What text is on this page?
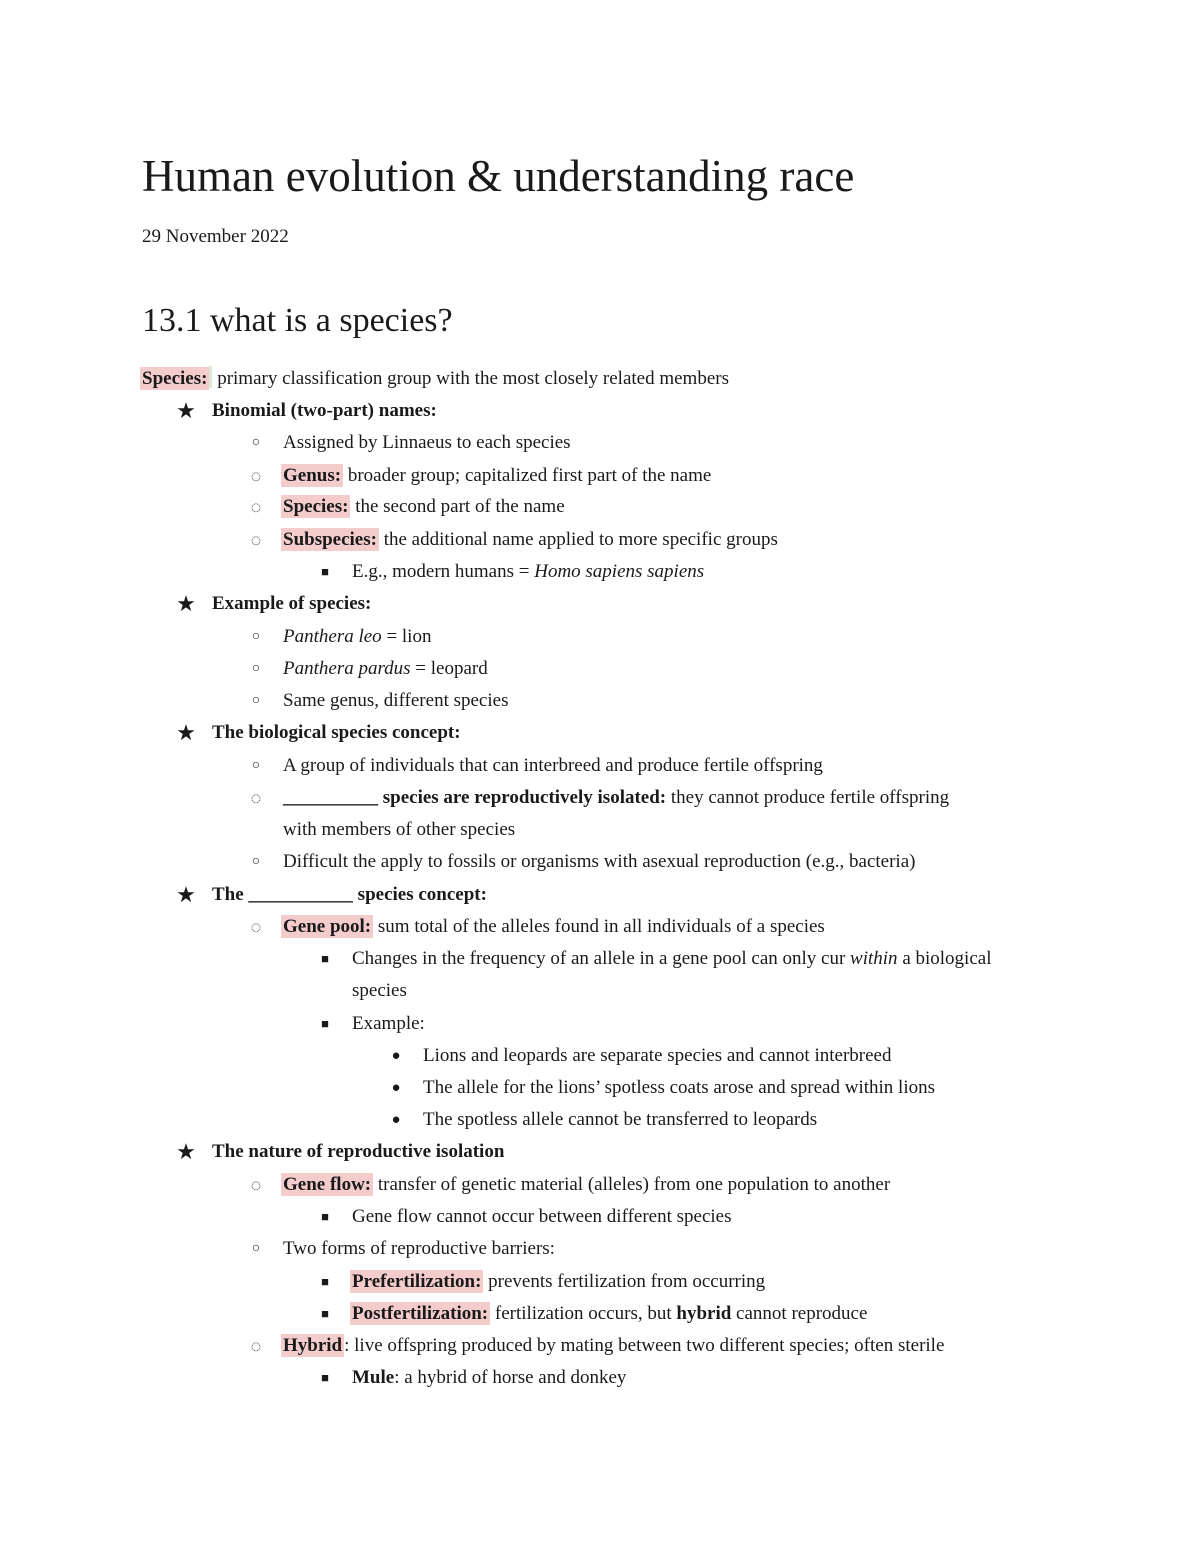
Human evolution & understanding race
29 November 2022
13.1 what is a species?
Species: primary classification group with the most closely related members
★ Binomial (two-part) names:
○	Assigned by Linnaeus to each species
◌ Genus: broader group; capitalized first part of the name
◌ Species: the second part of the name
◌ Subspecies: the additional name applied to more specific groups
■	E.g., modern humans = Homo sapiens sapiens
★ Example of species:
○	Panthera leo = lion
○	Panthera pardus = leopard
○	Same genus, different species
★ The biological species concept:
○	A group of individuals that can interbreed and produce fertile offspring
◌ __________ species are reproductively isolated: they cannot produce fertile offspring
with members of other species
○	Difficult the apply to fossils or organisms with asexual reproduction (e.g., bacteria)
★ The ___________ species concept:
◌ Gene pool: sum total of the alleles found in all individuals of a species
■	Changes in the frequency of an allele in a gene pool can only cur within a biological
species
■	Example:
● Lions and leopards are separate species and cannot interbreed
● The allele for the lions’ spotless coats arose and spread within lions
● The spotless allele cannot be transferred to leopards
★ The nature of reproductive isolation
◌ Gene flow: transfer of genetic material (alleles) from one population to another
■	Gene flow cannot occur between different species
○	Two forms of reproductive barriers:
■	Prefertilization: prevents fertilization from occurring
■	Postfertilization: fertilization occurs, but hybrid cannot reproduce
◌ Hybrid : live offspring produced by mating between two different species; often sterile
■	Mule: a hybrid of horse and donkey
